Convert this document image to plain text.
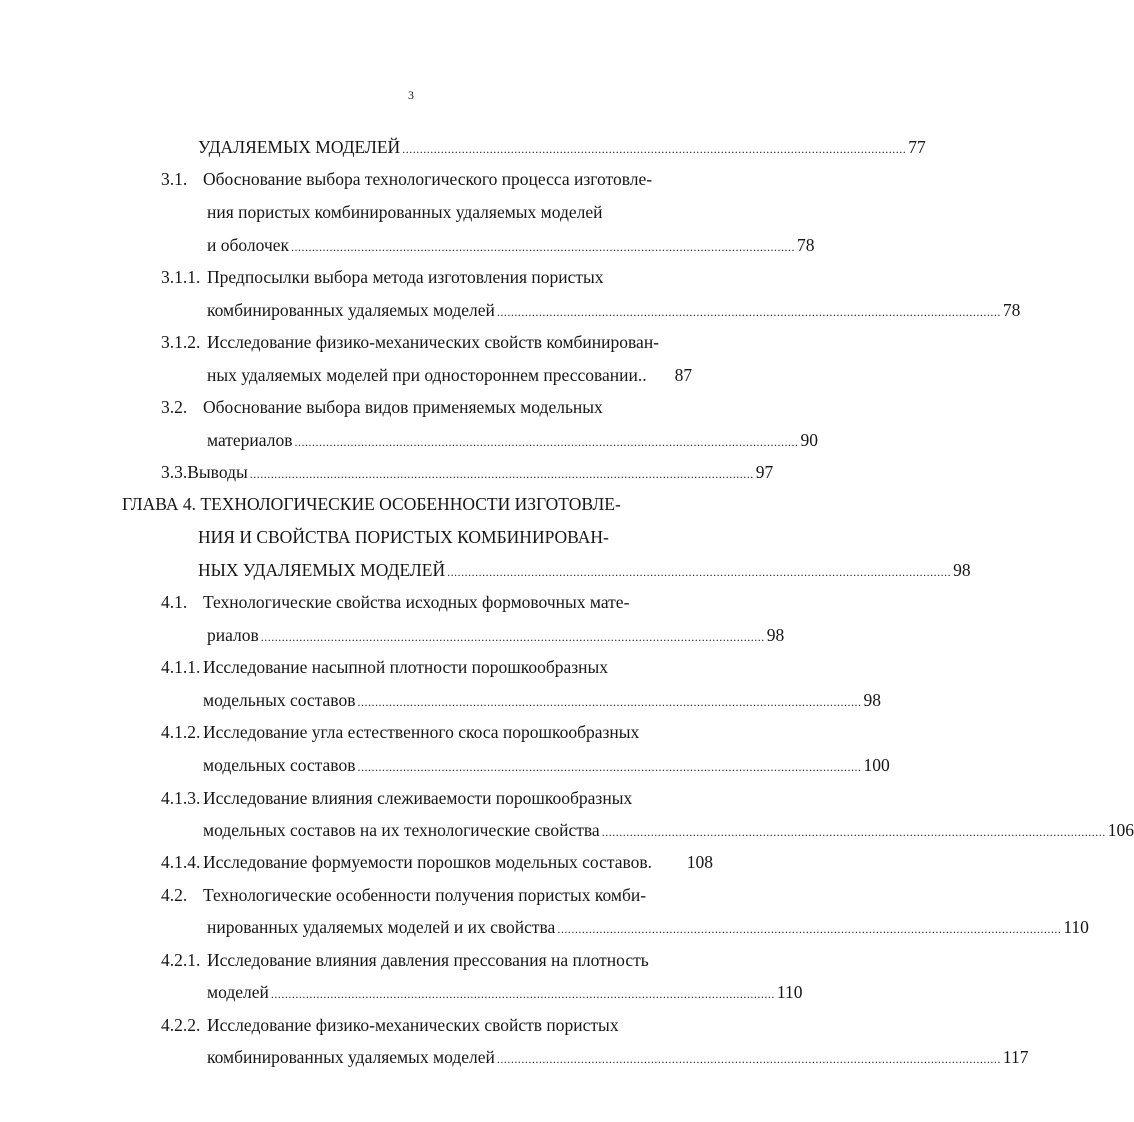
3
УДАЛЯЕМЫХ МОДЕЛЕЙ ................................................................................................................................................ 77
3.1. Обоснование выбора технологического процесса изготовле-
ния пористых комбинированных удаляемых моделей
и оболочек ................................................................................................................................................ 78
3.1.1. Предпосылки выбора метода изготовления пористых
комбинированных удаляемых моделей ................................................................................................................................................ 78
3.1.2. Исследование физико-механических свойств комбинирован-
ных удаляемых моделей при одностороннем прессовании.. 87
3.2. Обоснование выбора видов применяемых модельных
материалов ................................................................................................................................................ 90
3.3. Выводы ................................................................................................................................................ 97
ГЛАВА 4. ТЕХНОЛОГИЧЕСКИЕ ОСОБЕННОСТИ ИЗГОТОВЛЕ-
НИЯ И СВОЙСТВА ПОРИСТЫХ КОМБИНИРОВАН-
НЫХ УДАЛЯЕМЫХ МОДЕЛЕЙ ................................................................................................................................................ 98
4.1. Технологические свойства исходных формовочных мате-
риалов ................................................................................................................................................ 98
4.1.1. Исследование насыпной плотности порошкообразных
модельных составов ................................................................................................................................................ 98
4.1.2. Исследование угла естественного скоса порошкообразных
модельных составов ................................................................................................................................................ 100
4.1.3. Исследование влияния слеживаемости порошкообразных
модельных составов на их технологические свойства ................................................................................................................................................ 106
4.1.4. Исследование формуемости порошков модельных составов. 108
4.2. Технологические особенности получения пористых комби-
нированных удаляемых моделей и их свойства ................................................................................................................................................ 110
4.2.1. Исследование влияния давления прессования на плотность
моделей ................................................................................................................................................ 110
4.2.2. Исследование физико-механических свойств пористых
комбинированных удаляемых моделей ................................................................................................................................................ 117
